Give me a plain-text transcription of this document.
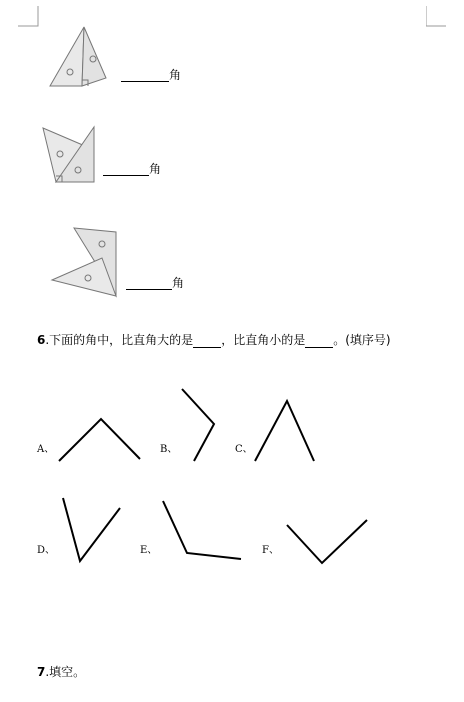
角
角
角
6.下面的角中，比直角大的是 ，比直角小的是 。(填序号)
A、	B、	C、
D、	E、	F、
7.填空。
